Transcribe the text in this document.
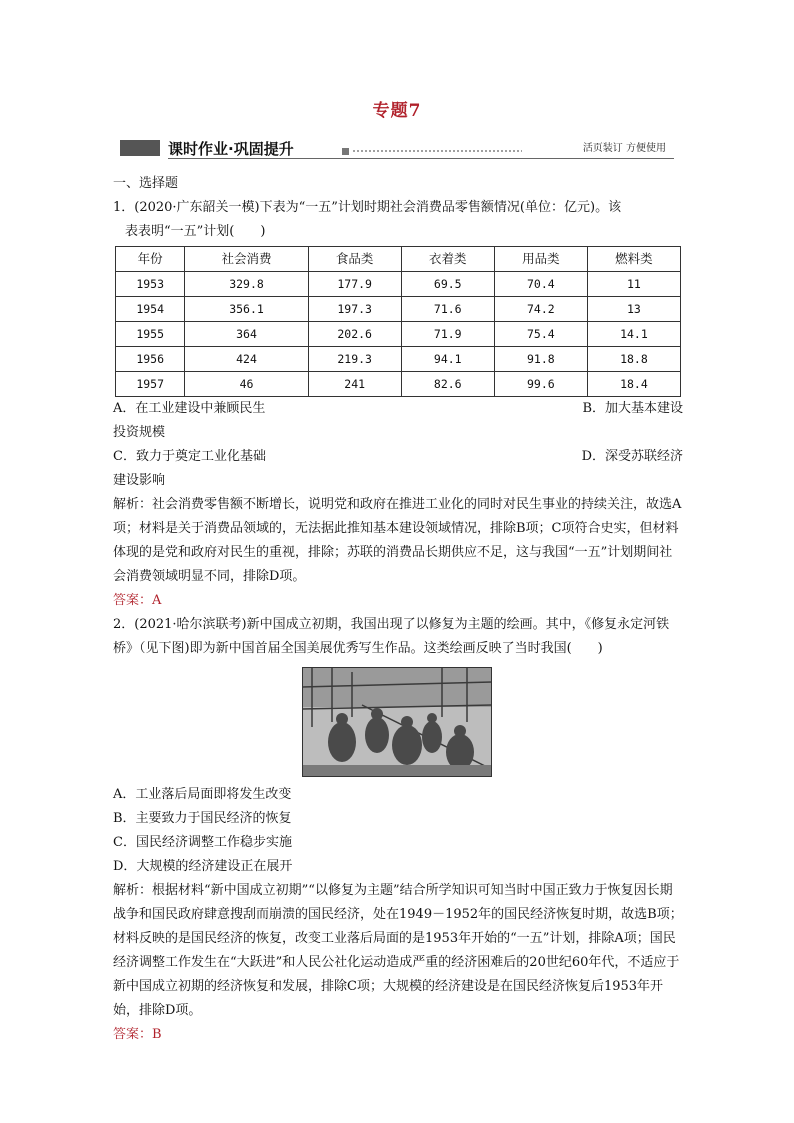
专题7
课时作业·巩固提升	活页装订 方便使用

一、选择题

1．(2020·广东韶关一模)下表为“一五”计划时期社会消费品零售额情况(单位：亿元)。该

表表明“一五”计划(　　)

年份	社会消费	食品类	衣着类	用品类	燃料类
1953	329.8	177.9	69.5	70.4	11
1954	356.1	197.3	71.6	74.2	13
1955	364	202.6	71.9	75.4	14.1
1956	424	219.3	94.1	91.8	18.8
1957	46	241	82.6	99.6	18.4
A．在工业建设中兼顾民生	B．加大基本建设

投资规模

C．致力于奠定工业化基础	D．深受苏联经济

建设影响

解析：社会消费零售额不断增长，说明党和政府在推进工业化的同时对民生事业的持续关注，故选A项；材料是关于消费品领域的，无法据此推知基本建设领域情况，排除B项；C项符合史实，但材料体现的是党和政府对民生的重视，排除；苏联的消费品长期供应不足，这与我国“一五”计划期间社会消费领域明显不同，排除D项。

答案：A

2．(2021·哈尔滨联考)新中国成立初期，我国出现了以修复为主题的绘画。其中，《修复永定河铁桥》（见下图)即为新中国首届全国美展优秀写生作品。这类绘画反映了当时我国(　　)

A．工业落后局面即将发生改变

B．主要致力于国民经济的恢复

C．国民经济调整工作稳步实施

D．大规模的经济建设正在展开

解析：根据材料“新中国成立初期”“以修复为主题”结合所学知识可知当时中国正致力于恢复因长期战争和国民政府肆意搜刮而崩溃的国民经济，处在1949－1952年的国民经济恢复时期，故选B项；材料反映的是国民经济的恢复，改变工业落后局面的是1953年开始的“一五”计划，排除A项；国民经济调整工作发生在“大跃进”和人民公社化运动造成严重的经济困难后的20世纪60年代，不适应于新中国成立初期的经济恢复和发展，排除C项；大规模的经济建设是在国民经济恢复后1953年开始，排除D项。

答案：B
